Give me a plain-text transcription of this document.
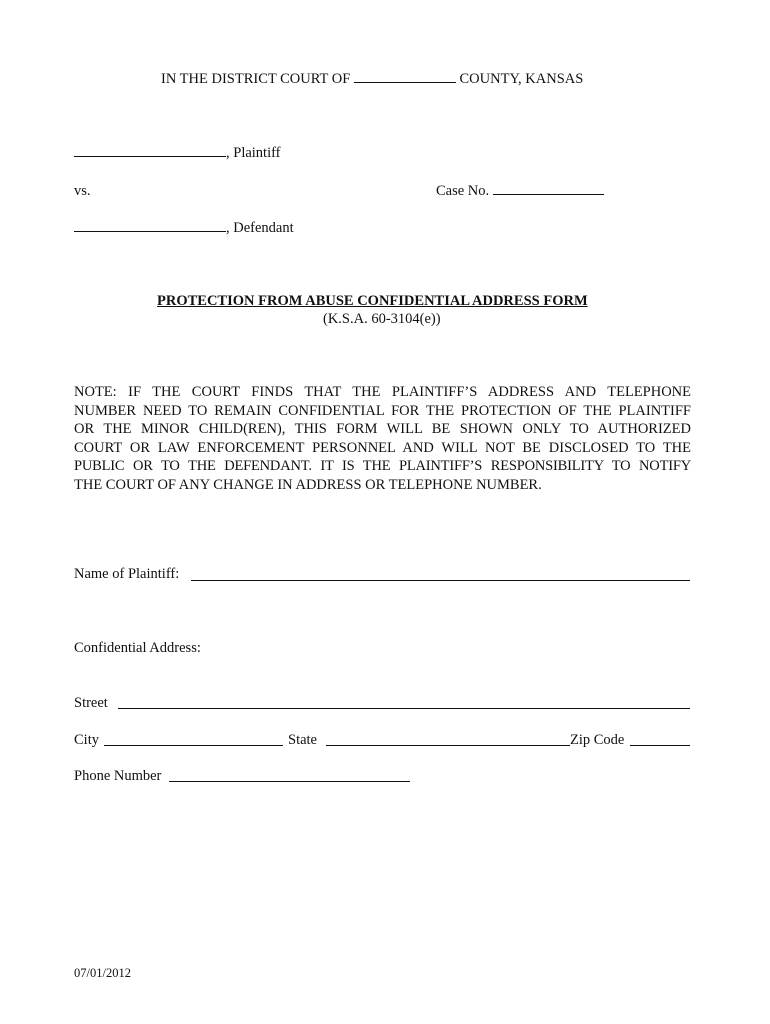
IN THE DISTRICT COURT OF	COUNTY, KANSAS
, Plaintiff
vs.	Case No.
, Defendant
PROTECTION FROM ABUSE CONFIDENTIAL ADDRESS FORM
(K.S.A. 60-3104(e))
NOTE: IF THE COURT FINDS THAT THE PLAINTIFF’S ADDRESS AND TELEPHONE
NUMBER NEED TO REMAIN CONFIDENTIAL FOR THE PROTECTION OF THE PLAINTIFF
OR THE MINOR CHILD(REN), THIS FORM WILL BE SHOWN ONLY TO AUTHORIZED
COURT OR LAW ENFORCEMENT PERSONNEL AND WILL NOT BE DISCLOSED TO THE
PUBLIC OR TO THE DEFENDANT. IT IS THE PLAINTIFF’S RESPONSIBILITY TO NOTIFY
THE COURT OF ANY CHANGE IN ADDRESS OR TELEPHONE NUMBER.
Name of Plaintiff:
Confidential Address:
Street
City	State	Zip Code
Phone Number
07/01/2012
